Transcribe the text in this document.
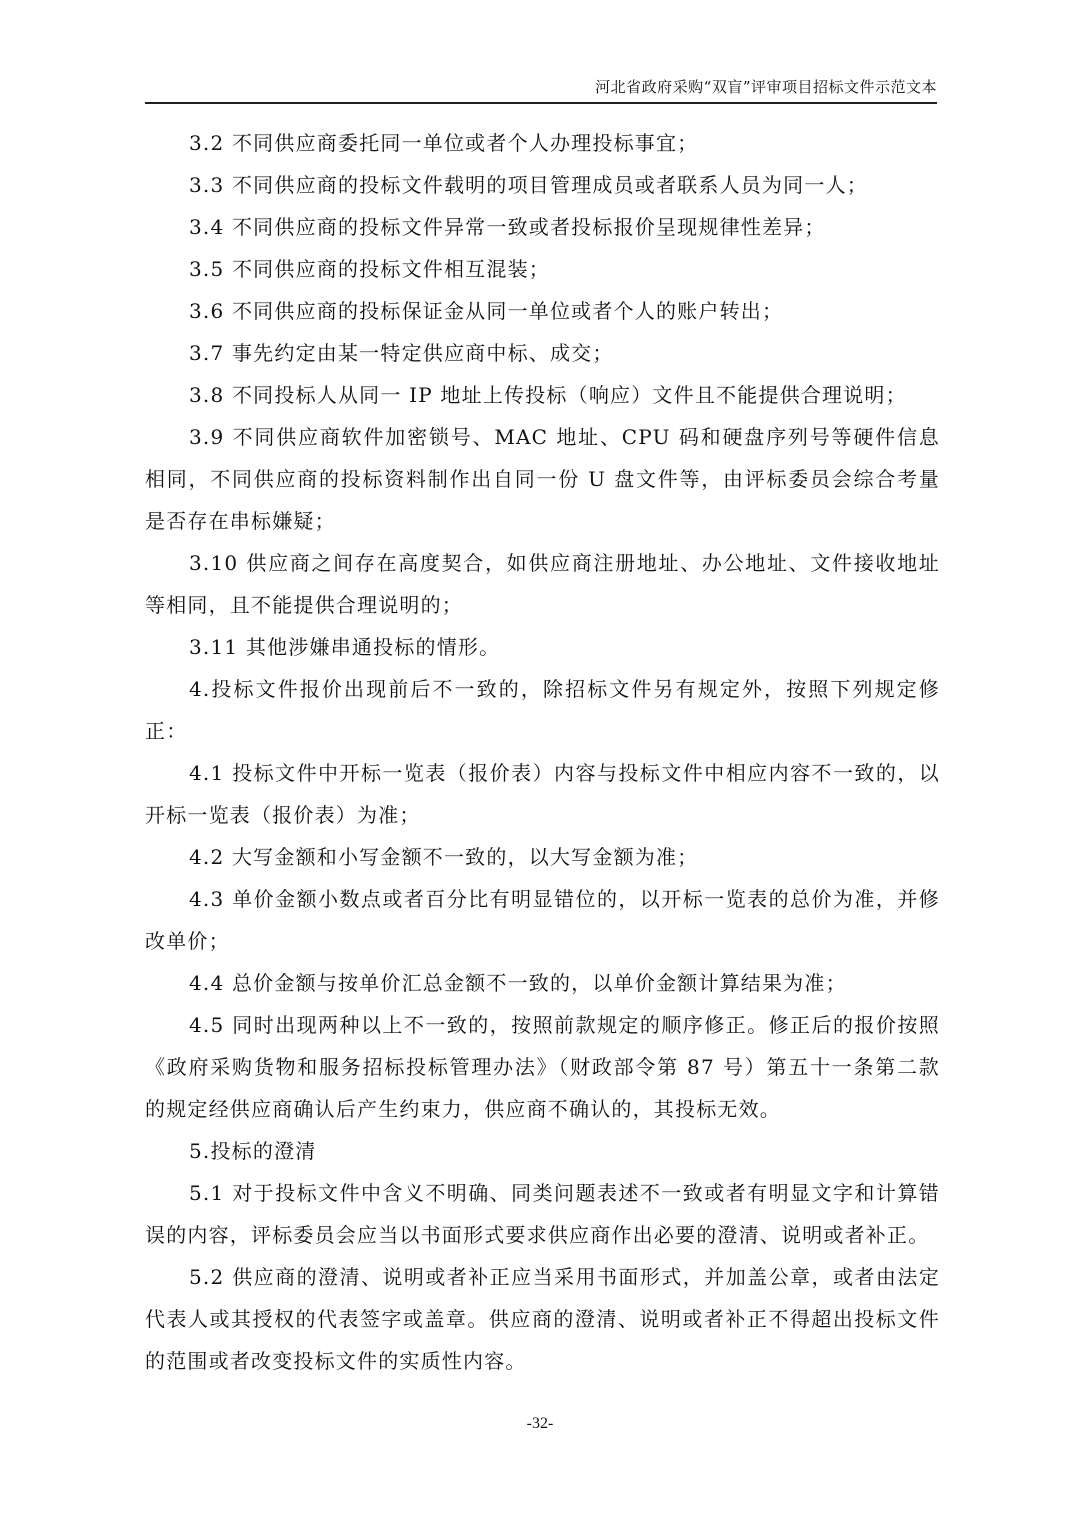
河北省政府采购“双盲”评审项目招标文件示范文本

3.2 不同供应商委托同一单位或者个人办理投标事宜；

3.3 不同供应商的投标文件载明的项目管理成员或者联系人员为同一人；

3.4 不同供应商的投标文件异常一致或者投标报价呈现规律性差异；

3.5 不同供应商的投标文件相互混装；

3.6 不同供应商的投标保证金从同一单位或者个人的账户转出；

3.7 事先约定由某一特定供应商中标、成交；

3.8 不同投标人从同一 IP 地址上传投标（响应）文件且不能提供合理说明；

3.9 不同供应商软件加密锁号、MAC 地址、CPU 码和硬盘序列号等硬件信息相同，不同供应商的投标资料制作出自同一份 U 盘文件等，由评标委员会综合考量是否存在串标嫌疑；

3.10 供应商之间存在高度契合，如供应商注册地址、办公地址、文件接收地址等相同，且不能提供合理说明的；

3.11 其他涉嫌串通投标的情形。

4.投标文件报价出现前后不一致的，除招标文件另有规定外，按照下列规定修正：

4.1 投标文件中开标一览表（报价表）内容与投标文件中相应内容不一致的，以开标一览表（报价表）为准；

4.2 大写金额和小写金额不一致的，以大写金额为准；

4.3 单价金额小数点或者百分比有明显错位的，以开标一览表的总价为准，并修改单价；

4.4 总价金额与按单价汇总金额不一致的，以单价金额计算结果为准；

4.5 同时出现两种以上不一致的，按照前款规定的顺序修正。修正后的报价按照《政府采购货物和服务招标投标管理办法》（财政部令第 87 号）第五十一条第二款的规定经供应商确认后产生约束力，供应商不确认的，其投标无效。

5.投标的澄清

5.1 对于投标文件中含义不明确、同类问题表述不一致或者有明显文字和计算错误的内容，评标委员会应当以书面形式要求供应商作出必要的澄清、说明或者补正。

5.2 供应商的澄清、说明或者补正应当采用书面形式，并加盖公章，或者由法定代表人或其授权的代表签字或盖章。供应商的澄清、说明或者补正不得超出投标文件的范围或者改变投标文件的实质性内容。

-32-
